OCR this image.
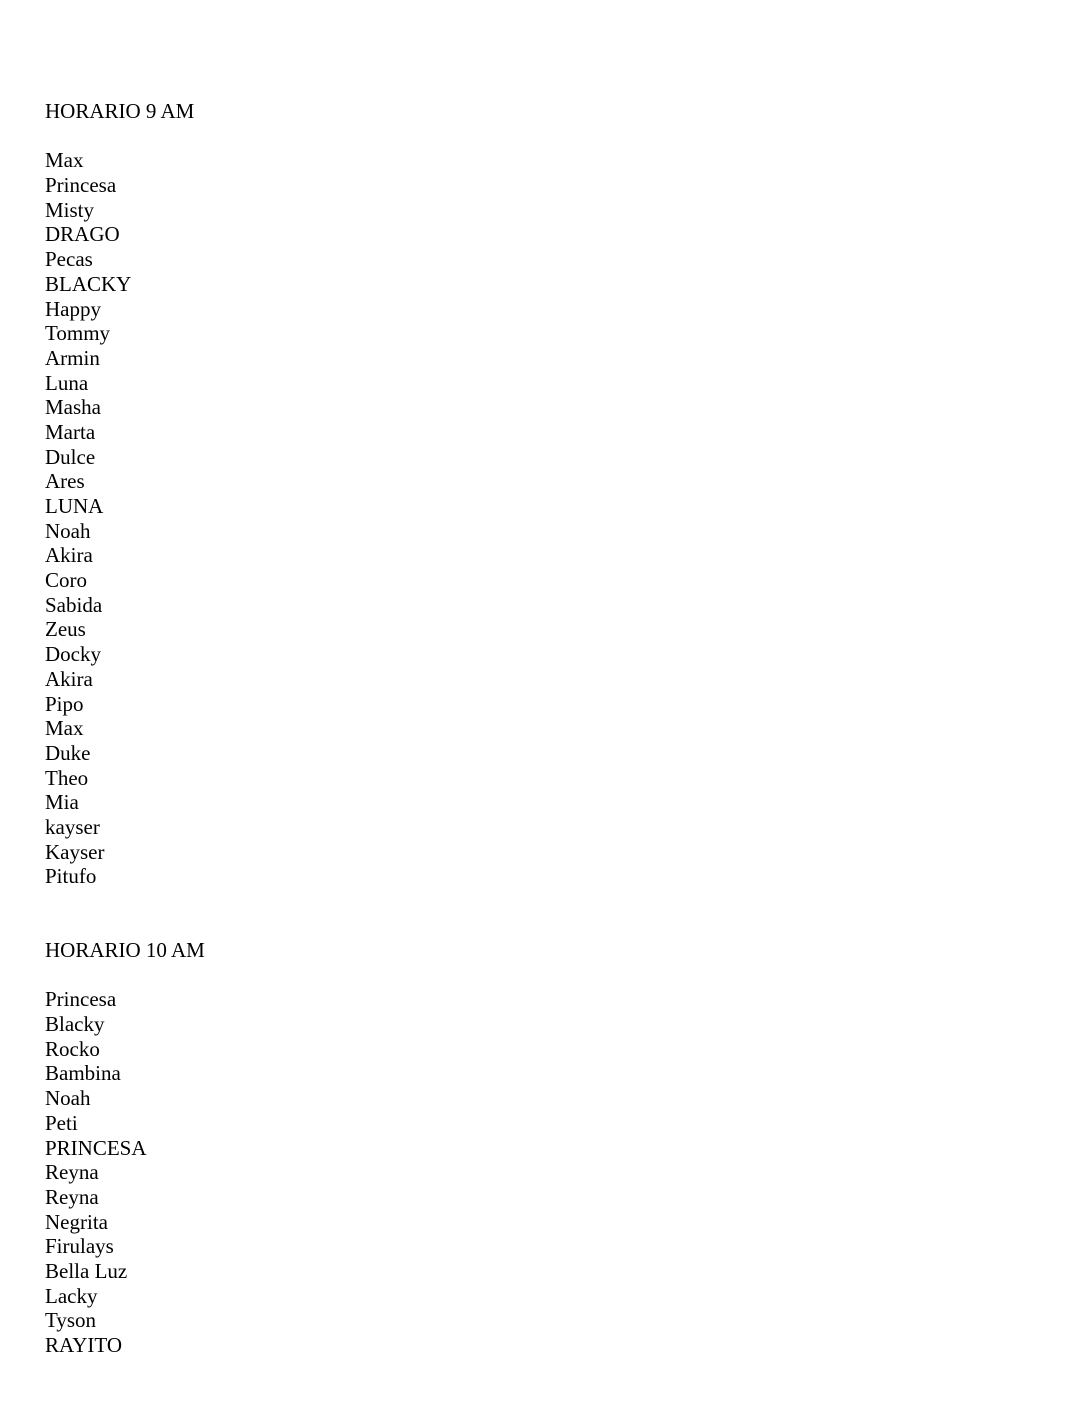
HORARIO 9 AM
Max
Princesa
Misty
DRAGO
Pecas
BLACKY
Happy
Tommy
Armin
Luna
Masha
Marta
Dulce
Ares
LUNA
Noah
Akira
Coro
Sabida
Zeus
Docky
Akira
Pipo
Max
Duke
Theo
Mia
kayser
Kayser
Pitufo
HORARIO 10 AM
Princesa
Blacky
Rocko
Bambina
Noah
Peti
PRINCESA
Reyna
Reyna
Negrita
Firulays
Bella Luz
Lacky
Tyson
RAYITO
